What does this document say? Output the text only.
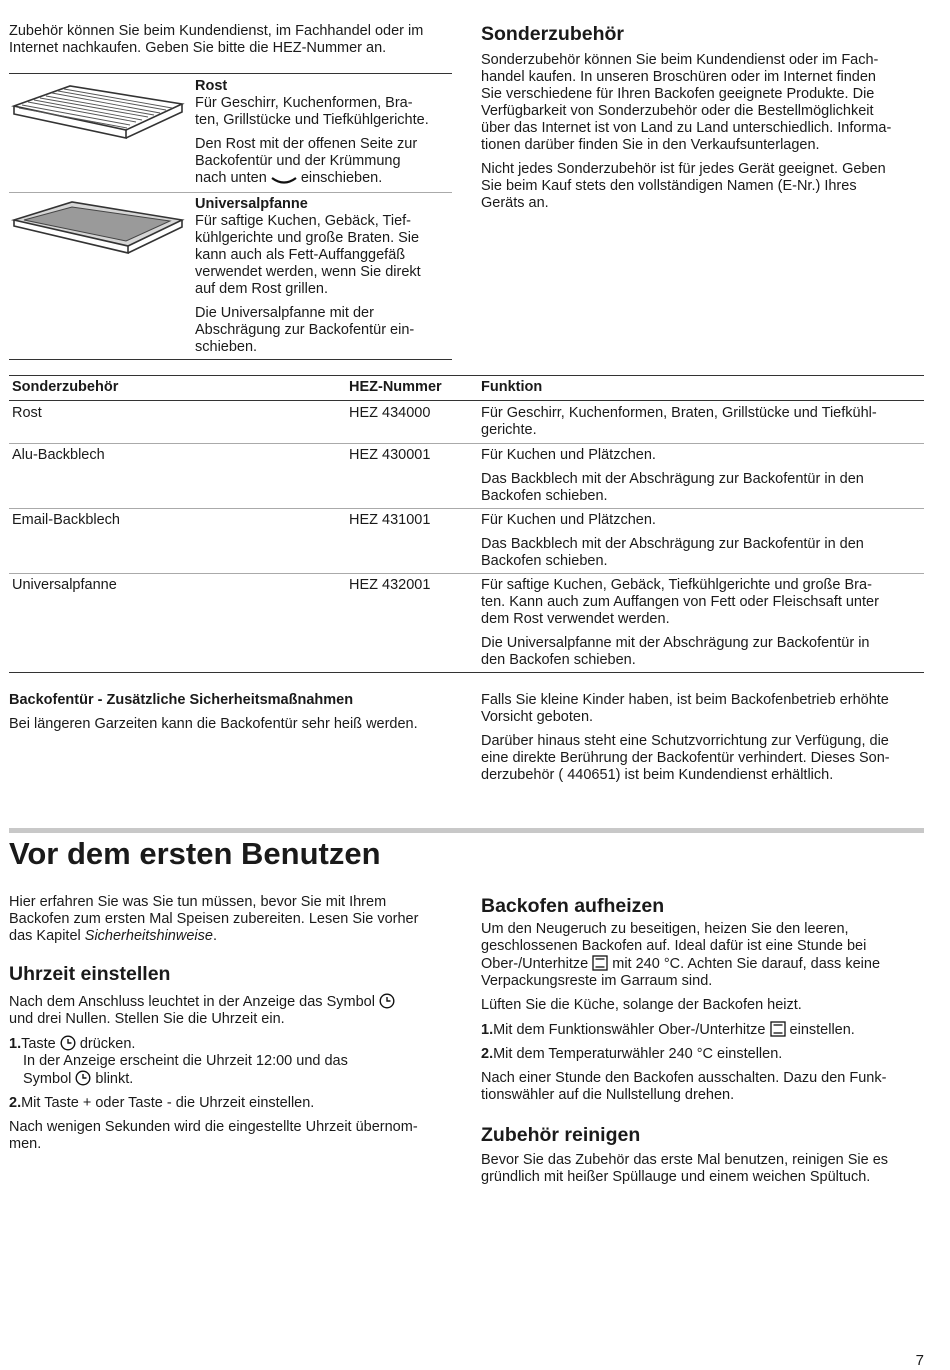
Zubehör können Sie beim Kundendienst, im Fachhandel oder im Internet nachkaufen. Geben Sie bitte die HEZ-Nummer an.

Rost

Für Geschirr, Kuchenformen, Bra-

ten, Grillstücke und Tiefkühlgerichte.

Den Rost mit der offenen Seite zur

Backofentür und der Krümmung

nach unten einschieben.

Universalpfanne

Für saftige Kuchen, Gebäck, Tief-

kühlgerichte und große Braten. Sie

kann auch als Fett-Auffanggefäß

verwendet werden, wenn Sie direkt

auf dem Rost grillen.

Die Universalpfanne mit der

Abschrägung zur Backofentür ein-

schieben.

Sonderzubehör

Sonderzubehör können Sie beim Kundendienst oder im Fach-

handel kaufen. In unseren Broschüren oder im Internet finden

Sie verschiedene für Ihren Backofen geeignete Produkte. Die

Verfügbarkeit von Sonderzubehör oder die Bestellmöglichkeit

über das Internet ist von Land zu Land unterschiedlich. Informa-

tionen darüber finden Sie in den Verkaufsunterlagen.

Nicht jedes Sonderzubehör ist für jedes Gerät geeignet. Geben

Sie beim Kauf stets den vollständigen Namen (E-Nr.) Ihres

Geräts an.

Sonderzubehör	HEZ-Nummer	Funktion
Rost	HEZ 434000	Für Geschirr, Kuchenformen, Braten, Grillstücke und Tiefkühl-

gerichte.

Alu-Backblech	HEZ 430001	Für Kuchen und Plätzchen.

Das Backblech mit der Abschrägung zur Backofentür in den

Backofen schieben.

Email-Backblech	HEZ 431001	Für Kuchen und Plätzchen.

Das Backblech mit der Abschrägung zur Backofentür in den

Backofen schieben.

Universalpfanne	HEZ 432001	Für saftige Kuchen, Gebäck, Tiefkühlgerichte und große Bra-

ten. Kann auch zum Auffangen von Fett oder Fleischsaft unter

dem Rost verwendet werden.

Die Universalpfanne mit der Abschrägung zur Backofentür in

den Backofen schieben.

Backofentür - Zusätzliche Sicherheitsmaßnahmen

Bei längeren Garzeiten kann die Backofentür sehr heiß werden.

Falls Sie kleine Kinder haben, ist beim Backofenbetrieb erhöhte

Vorsicht geboten.

Darüber hinaus steht eine Schutzvorrichtung zur Verfügung, die

eine direkte Berührung der Backofentür verhindert. Dieses Son-

derzubehör ( 440651) ist beim Kundendienst erhältlich.

Vor dem ersten Benutzen

Hier erfahren Sie was Sie tun müssen, bevor Sie mit Ihrem

Backofen zum ersten Mal Speisen zubereiten. Lesen Sie vorher

das Kapitel Sicherheitshinweise.

Uhrzeit einstellen

Nach dem Anschluss leuchtet in der Anzeige das Symbol

und drei Nullen. Stellen Sie die Uhrzeit ein.

1.Taste drücken.

In der Anzeige erscheint die Uhrzeit 12:00 und das

Symbol blinkt.

2.Mit Taste + oder Taste - die Uhrzeit einstellen.

Nach wenigen Sekunden wird die eingestellte Uhrzeit übernom-

men.

Backofen aufheizen

Um den Neugeruch zu beseitigen, heizen Sie den leeren,

geschlossenen Backofen auf. Ideal dafür ist eine Stunde bei

Ober-/Unterhitze mit 240 °C. Achten Sie darauf, dass keine

Verpackungsreste im Garraum sind.

Lüften Sie die Küche, solange der Backofen heizt.

1.Mit dem Funktionswähler Ober-/Unterhitze einstellen.

2.Mit dem Temperaturwähler 240 °C einstellen.

Nach einer Stunde den Backofen ausschalten. Dazu den Funk-

tionswähler auf die Nullstellung drehen.

Zubehör reinigen

Bevor Sie das Zubehör das erste Mal benutzen, reinigen Sie es

gründlich mit heißer Spüllauge und einem weichen Spültuch.

7
